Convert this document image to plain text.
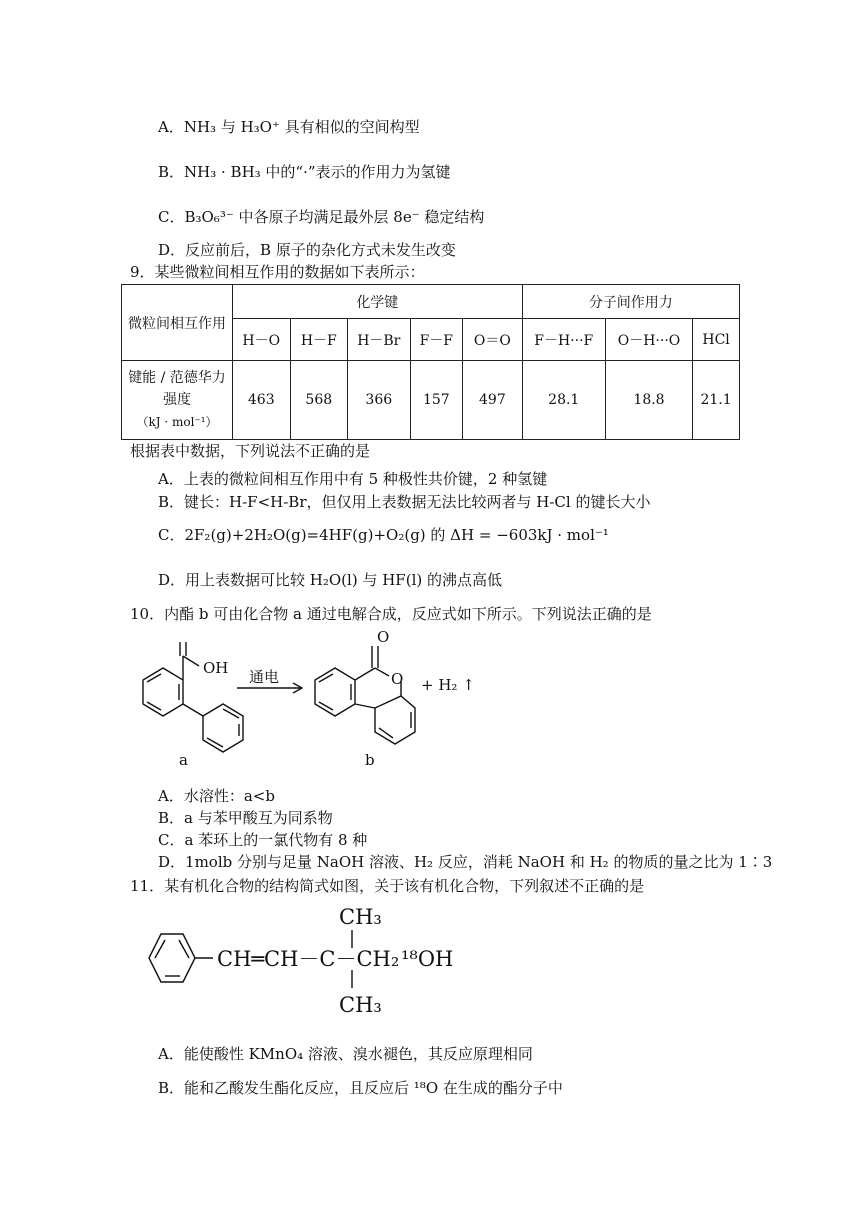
A．NH₃ 与 H₃O⁺ 具有相似的空间构型
B．NH₃ · BH₃ 中的“·”表示的作用力为氢键
C．B₃O₆³⁻ 中各原子均满足最外层 8e⁻ 稳定结构
D．反应前后，B 原子的杂化方式未发生改变
9．某些微粒间相互作用的数据如下表所示：
微粒间相互作用	化学键					分子间作用力		
	H－O	H－F	H－Br	F－F	O＝O	F－H···F	O－H···O	HCl
键能 / 范德华力强度
（kJ · mol⁻¹）	463	568	366	157	497	28.1	18.8	21.1
根据表中数据，下列说法不正确的是
A．上表的微粒间相互作用中有 5 种极性共价键，2 种氢键
B．键长：H-F<H-Br，但仅用上表数据无法比较两者与 H-Cl 的键长大小
C．2F₂(g)+2H₂O(g)=4HF(g)+O₂(g) 的 ΔH = −603kJ · mol⁻¹
D．用上表数据可比较 H₂O(l) 与 HF(l) 的沸点高低
10．内酯 b 可由化合物 a 通过电解合成，反应式如下所示。下列说法正确的是
OH
O
O
通电	+ H₂ ↑
a	b
A．水溶性：a<b
B．a 与苯甲酸互为同系物
C．a 苯环上的一氯代物有 8 种
D．1molb 分别与足量 NaOH 溶液、H₂ 反应，消耗 NaOH 和 H₂ 的物质的量之比为 1∶3
11．某有机化合物的结构简式如图，关于该有机化合物，下列叙述不正确的是
CH₃
CH═CH－C－CH₂ ¹⁸OH
CH₃
A．能使酸性 KMnO₄ 溶液、溴水褪色，其反应原理相同
B．能和乙酸发生酯化反应，且反应后 ¹⁸O 在生成的酯分子中
